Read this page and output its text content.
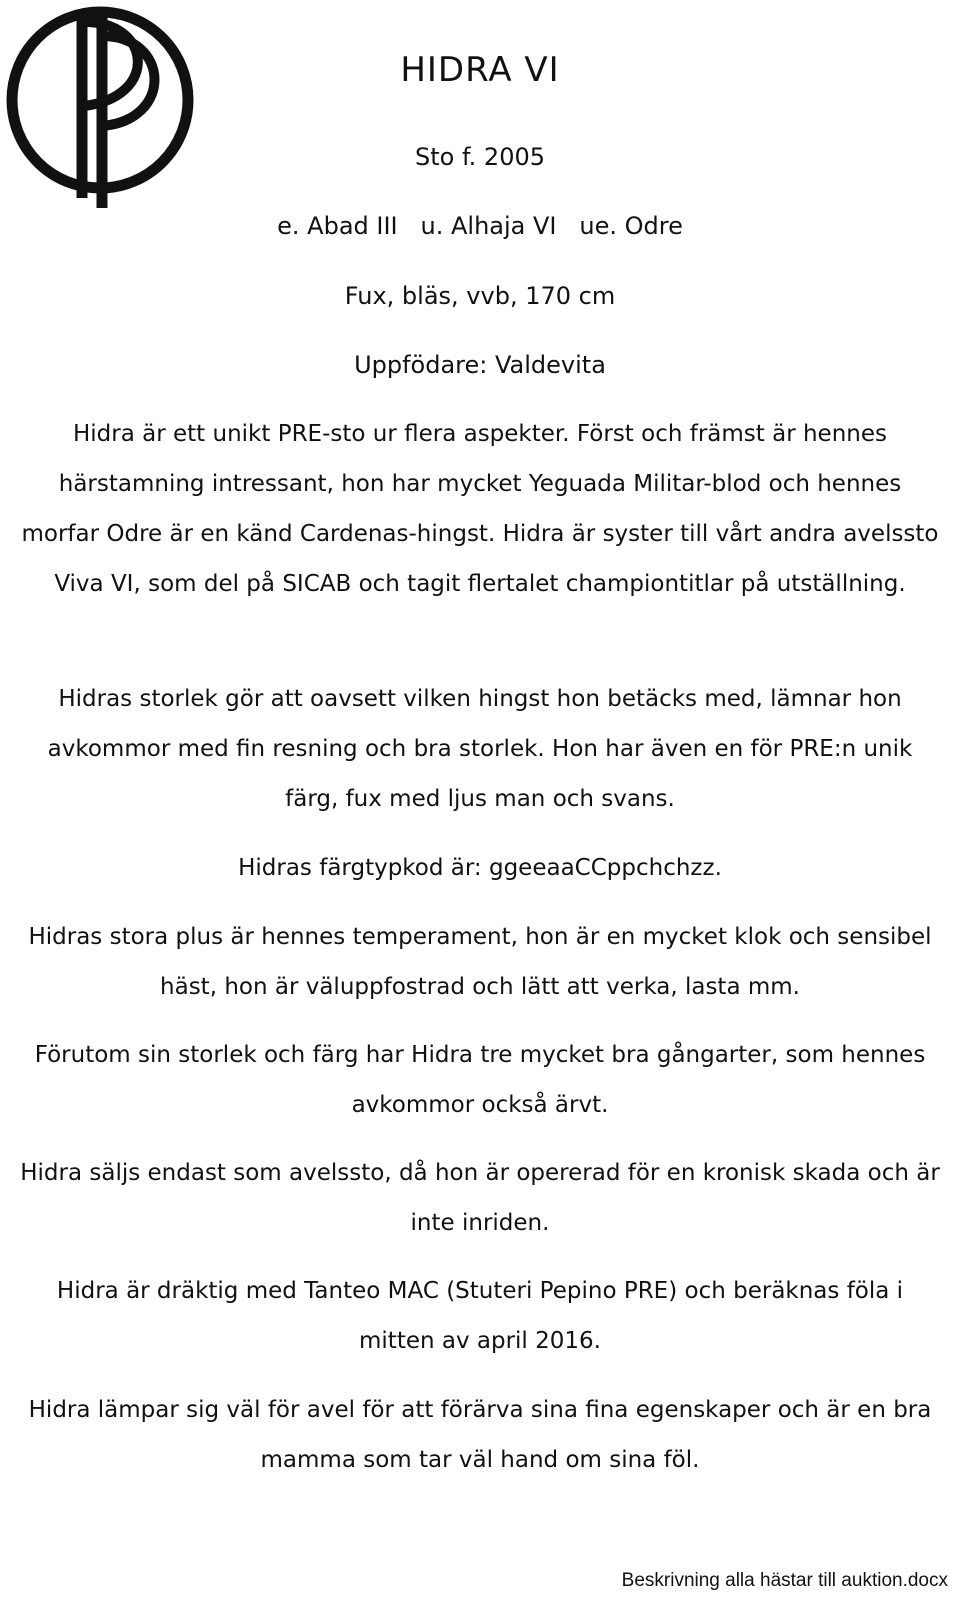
HIDRA VI
Sto f. 2005
e. Abad III   u. Alhaja VI   ue. Odre
Fux, bläs, vvb, 170 cm
Uppfödare: Valdevita
Hidra är ett unikt PRE-sto ur flera aspekter. Först och främst är hennes härstamning intressant, hon har mycket Yeguada Militar-blod och hennes morfar Odre är en känd Cardenas-hingst. Hidra är syster till vårt andra avelssto Viva VI, som del på SICAB och tagit flertalet championtitlar på utställning.
Hidras storlek gör att oavsett vilken hingst hon betäcks med, lämnar hon avkommor med fin resning och bra storlek. Hon har även en för PRE:n unik färg, fux med ljus man och svans.
Hidras färgtypkod är: ggeeaaCCppchchzz.
Hidras stora plus är hennes temperament, hon är en mycket klok och sensibel häst, hon är väluppfostrad och lätt att verka, lasta mm.
Förutom sin storlek och färg har Hidra tre mycket bra gångarter, som hennes avkommor också ärvt.
Hidra säljs endast som avelssto, då hon är opererad för en kronisk skada och är inte inriden.
Hidra är dräktig med Tanteo MAC (Stuteri Pepino PRE) och beräknas föla i mitten av april 2016.
Hidra lämpar sig väl för avel för att förärva sina fina egenskaper och är en bra mamma som tar väl hand om sina föl.
Beskrivning alla hästar till auktion.docx
